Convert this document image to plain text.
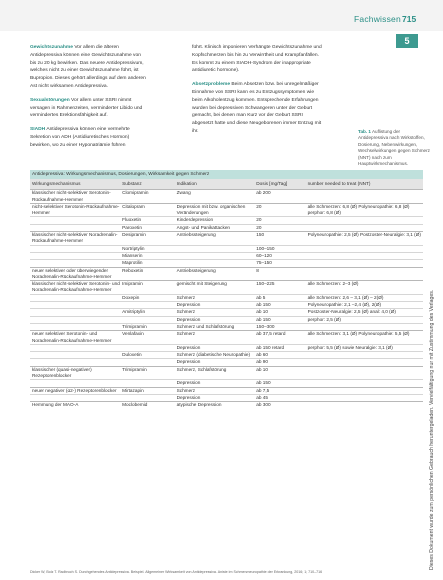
Fachwissen 715
5

Gewichtszunahme Vor allem die älteren Antidepressiva können eine Gewichtszunahme von bis zu 20 kg bewirken. Das neuere Antidepressivum, welches nicht zu einer Gewichtszunahme führt, ist Bupropion. Dieses gehört allerdings auf dem anderen Ast nicht wirksamen Antidepressiva.

Sexualstörungen Vor allem unter SSRI nimmt versagen in Rahmenzeiten, verminderter Libido und vermindertes Erektionsfähigkeit auf.

SIADH Antidepressiva können eine vermehrte Sekretion von ADH (Antidiuretisches Hormon) bewirken, wo zu einer Hyponatriämie führen

führt. Klinisch imponieren Verhängte Gewichtszunahme und Kopfschmerzen bis hin zu Verwirrtheit und Krampfanfällen. Es kommt zu einem SIADH-Syndrom der inappropriate antidiuretic hormone).

Absetzprobleme Beim Absetzen bzw. bei unregelmäßiger Einnahme von SSRI kann es zu Entzugssymptomen wie beim Alkoholentzug kommen. Entsprechende Erfahrungen wurden bei depressiven Schwangeren unter der Geburt gemacht, bei denen man Kurz vor der Geburt SSRI abgesetzt hatte und diese Neugeborenen immer Entzug mit ihr.	Tab. 1 Auflistung der Antidepressiva nach Wirkstoffen, Dosierung, Nebenwirkungen, Wechselwirkungen gegen Schmerz (NNT) nach zum Hauptwirkmechanismus.
Dieses Dokument wurde zum persönlichen Gebrauch heruntergeladen. Vervielfältigung nur mit Zustimmung des Verlages.
Antidepressiva: Wirkungsmechanismus, Dosierungen, Wirksamkeit gegen Schmerz				
Wirkungsmechanismus	Substanz	Indikation	Dosis [mg/Tag]	number needed to treat (NNT)
klassischer nicht-selektiver Serotonin-Rückaufnahme-Hemmer	Clomipramin	Zwang	ab 200	
nicht-selektiver Serotonin-Rückaufnahme-Hemmer	Citalopram	Depression mit bzw. organischen Veränderungen	20	alle Schmerzen: 6,8 (Ø) Polyneuropathie: 6,8 (Ø) perphor: 6,8 (Ø)
	Fluoxetin	Kinderdepression	20	
	Paroxetin	Angst- und Panikattacken	20	
klassischer nicht-selektiver Noradrenalin-Rückaufnahme-Hemmer	Desipramin	Antriebssteigerung	150	Polyneuropathie: 2,5 (Ø) Postzoster-Neuralgie: 3,1 (Ø)
	Nortriptylin		100–150	
	Mianserin		60–120	
	Maprotilin		75–150	
neuer selektiver oder überwiegender Noradrenalin-Rückaufnahme-Hemmer	Reboxetin	Antriebssteigerung	8	
klassischer nicht-selektiver Serotonin- und Noradrenalin-Rückaufnahme-Hemmer	Imipramin	gemischt mit Steigerung	150–225	alle Schmerzen: 2–3 (Ø)
	Doxepin	Schmerz	ab 5	alle Schmerzen: 2,6 – 3,1 (Ø) – 2(Ø)
		Depression	ab 150	Polyneuropathie: 2,1 –2,4 (Ø), 2(Ø)
	Amitriptylin	Schmerz	ab 10	Postzoster-Neuralgie: 2,5 (Ø) anal: 4,0 (Ø)
		Depression	ab 150	perphor: 2,5 (Ø)
	Trimipramin	Schmerz und Schlafstörung	150–300	
neuer selektiver Serotonin- und Noradrenalin-Rückaufnahme-Hemmer	Venlafaxin	Schmerz	ab 37,5 retard	alle Schmerzen: 3,1 (Ø) Polyneuropathie: 5,5 (Ø)
		Depression	ab 150 retard	perphor: 5,5 (Ø) sowie Neuralgie: 3,1 (Ø)
	Duloxetin	Schmerz (diabetische Neuropathie)	ab 60	
		Depression	ab 90	
klassischer (quasi-negativer) Rezeptorenblocker	Trimipramin	Schmerz, Schlafstörung	ab 10	
		Depression	ab 150	
neuer negativer (α2-) Rezeptorenblocker	Mirtazapin	Schmerz	ab 7,5	
		Depression	ab 45	
Hemmung der MAO-A	Moclobemid	atypische Depression	ab 300	
Dicker W, Bolz T. Radbruch S. Durchgehendes Antidepressiva. Beispiel. Allgemeiner Wirksamkeit von Antidepressiva. Aniste im Schmerzneuropathie der Erkrankung, 2016; 1; 710–716
